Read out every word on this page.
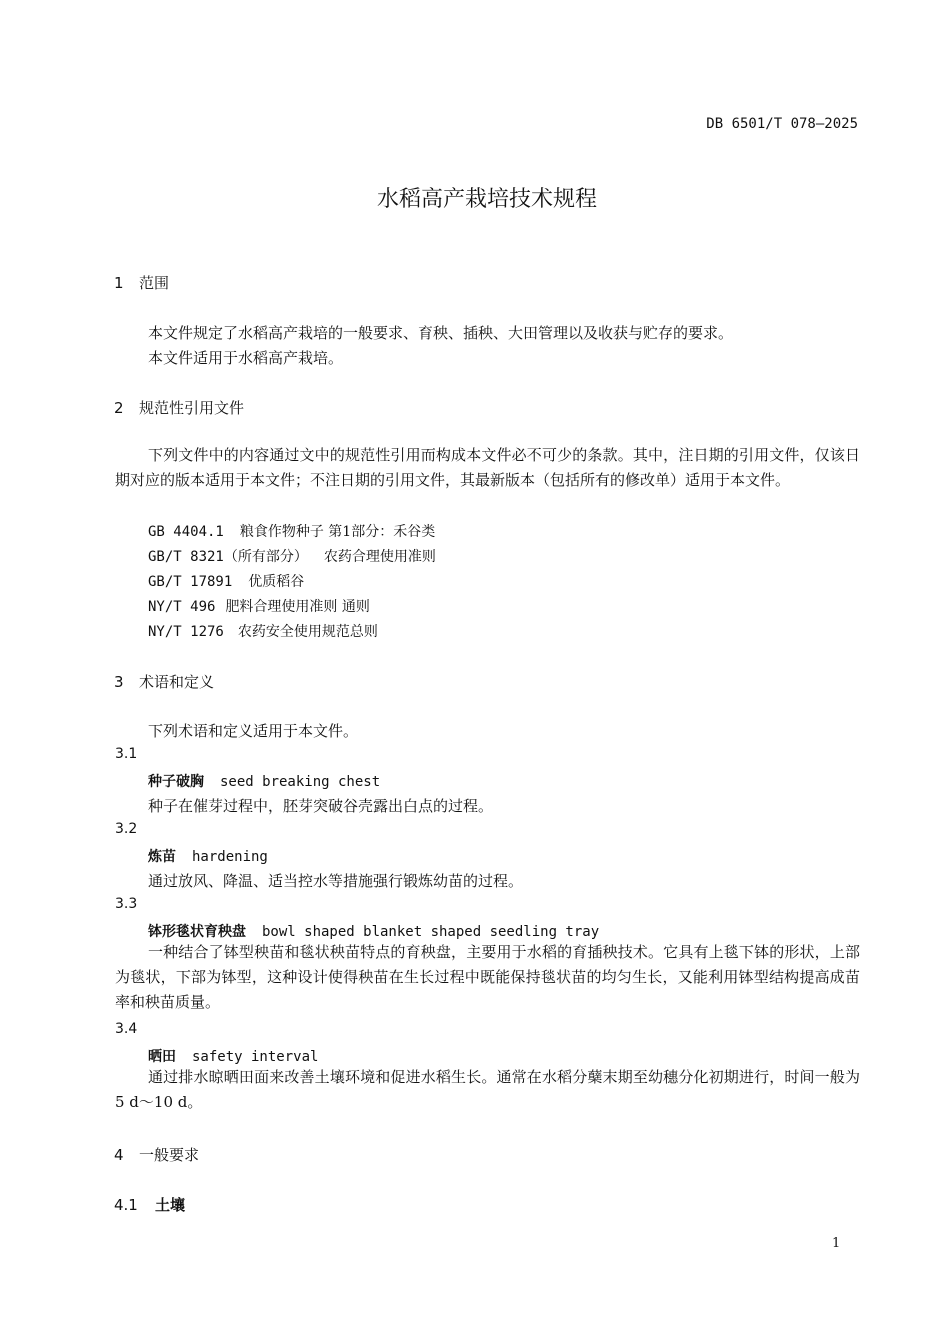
DB 6501/T 078—2025
水稻高产栽培技术规程
1 范围
本文件规定了水稻高产栽培的一般要求、育秧、插秧、大田管理以及收获与贮存的要求。
本文件适用于水稻高产栽培。
2 规范性引用文件
下列文件中的内容通过文中的规范性引用而构成本文件必不可少的条款。其中，注日期的引用文件，仅该日期对应的版本适用于本文件；不注日期的引用文件，其最新版本（包括所有的修改单）适用于本文件。
GB 4404.1 粮食作物种子 第1部分：禾谷类
GB/T 8321（所有部分） 农药合理使用准则
GB/T 17891 优质稻谷
NY/T 496 肥料合理使用准则 通则
NY/T 1276 农药安全使用规范总则
3 术语和定义
下列术语和定义适用于本文件。
3.1
种子破胸 seed breaking chest
种子在催芽过程中，胚芽突破谷壳露出白点的过程。
3.2
炼苗 hardening
通过放风、降温、适当控水等措施强行锻炼幼苗的过程。
3.3
钵形毯状育秧盘 bowl shaped blanket shaped seedling tray
一种结合了钵型秧苗和毯状秧苗特点的育秧盘，主要用于水稻的育插秧技术。它具有上毯下钵的形状，上部为毯状，下部为钵型，这种设计使得秧苗在生长过程中既能保持毯状苗的均匀生长，又能利用钵型结构提高成苗率和秧苗质量。
3.4
晒田 safety interval
通过排水晾晒田面来改善土壤环境和促进水稻生长。通常在水稻分蘖末期至幼穗分化初期进行，时间一般为5 d～10 d。
4 一般要求
4.1 土壤
1
